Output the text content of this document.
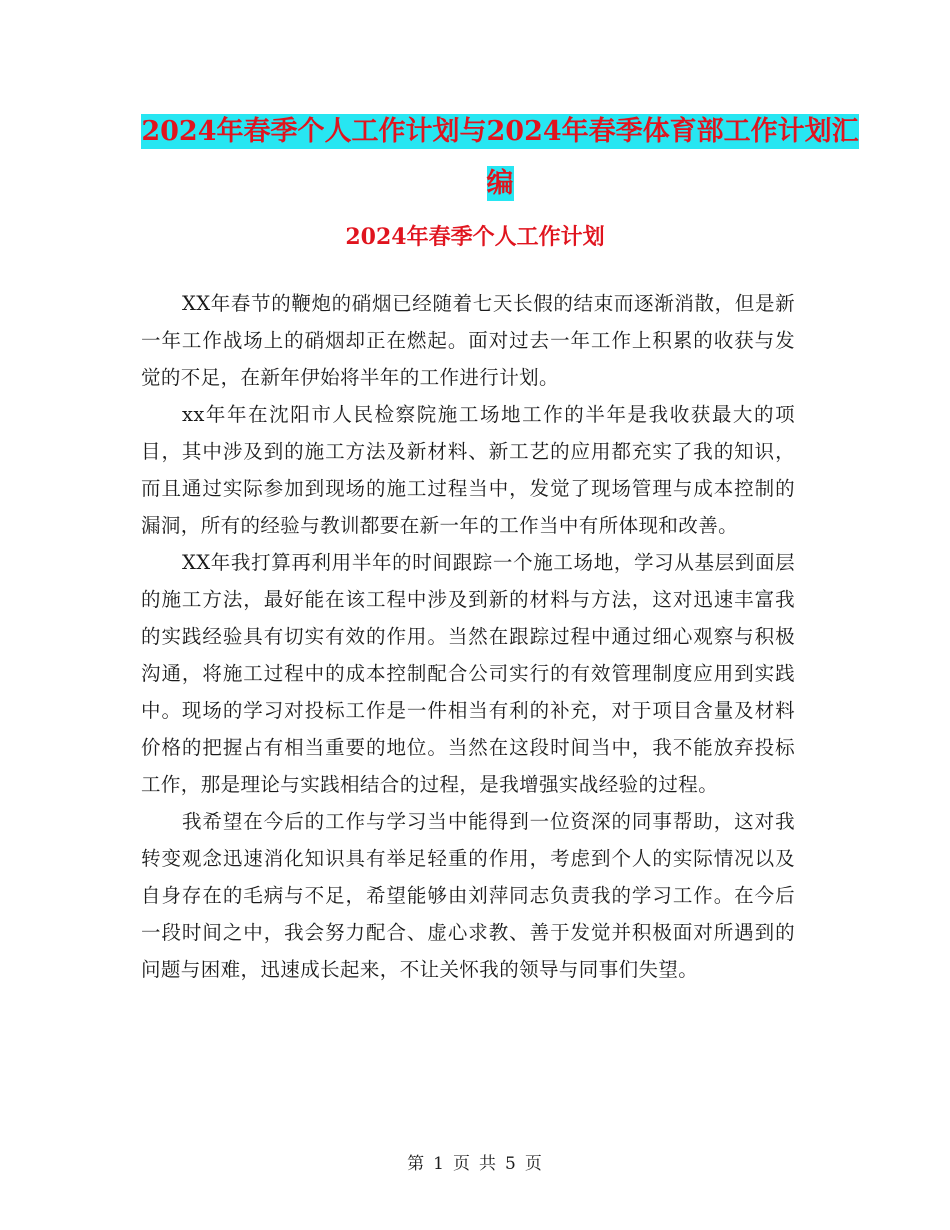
2024年春季个人工作计划与2024年春季体育部工作计划汇编
2024年春季个人工作计划

XX年春节的鞭炮的硝烟已经随着七天长假的结束而逐渐消散，但是新一年工作战场上的硝烟却正在燃起。面对过去一年工作上积累的收获与发觉的不足，在新年伊始将半年的工作进行计划。

xx年年在沈阳市人民检察院施工场地工作的半年是我收获最大的项目，其中涉及到的施工方法及新材料、新工艺的应用都充实了我的知识，而且通过实际参加到现场的施工过程当中，发觉了现场管理与成本控制的漏洞，所有的经验与教训都要在新一年的工作当中有所体现和改善。

XX年我打算再利用半年的时间跟踪一个施工场地，学习从基层到面层的施工方法，最好能在该工程中涉及到新的材料与方法，这对迅速丰富我的实践经验具有切实有效的作用。当然在跟踪过程中通过细心观察与积极沟通，将施工过程中的成本控制配合公司实行的有效管理制度应用到实践中。现场的学习对投标工作是一件相当有利的补充，对于项目含量及材料价格的把握占有相当重要的地位。当然在这段时间当中，我不能放弃投标工作，那是理论与实践相结合的过程，是我增强实战经验的过程。

我希望在今后的工作与学习当中能得到一位资深的同事帮助，这对我转变观念迅速消化知识具有举足轻重的作用，考虑到个人的实际情况以及自身存在的毛病与不足，希望能够由刘萍同志负责我的学习工作。在今后一段时间之中，我会努力配合、虚心求教、善于发觉并积极面对所遇到的问题与困难，迅速成长起来，不让关怀我的领导与同事们失望。

第 1 页 共 5 页
